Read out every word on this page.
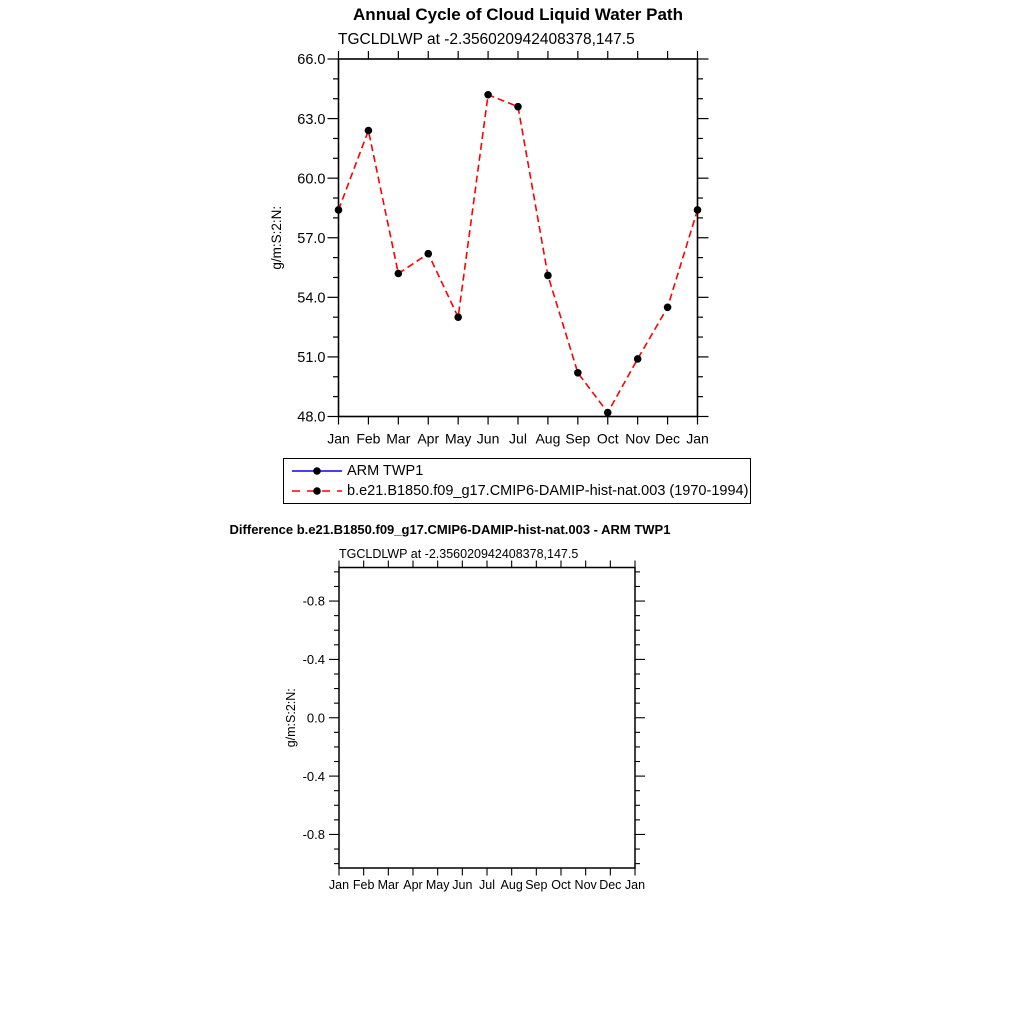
Annual Cycle of Cloud Liquid Water Path
TGCLDLWP at -2.356020942408378,147.5
Jan Feb Mar Apr May Jun Jul Aug Sep Oct Nov Dec Jan
48.0
51.0
54.0
57.0
60.0
63.0
66.0
g/m:S:2:N:
Jan Feb Mar Apr May Jun Jul Aug Sep Oct Nov Dec Jan
-0.8
-0.4
0.0
-0.4
-0.8
g/m:S:2:N:
ARM TWP1
b.e21.B1850.f09_g17.CMIP6-DAMIP-hist-nat.003 (1970-1994)
Difference b.e21.B1850.f09_g17.CMIP6-DAMIP-hist-nat.003 - ARM TWP1
TGCLDLWP at -2.356020942408378,147.5
